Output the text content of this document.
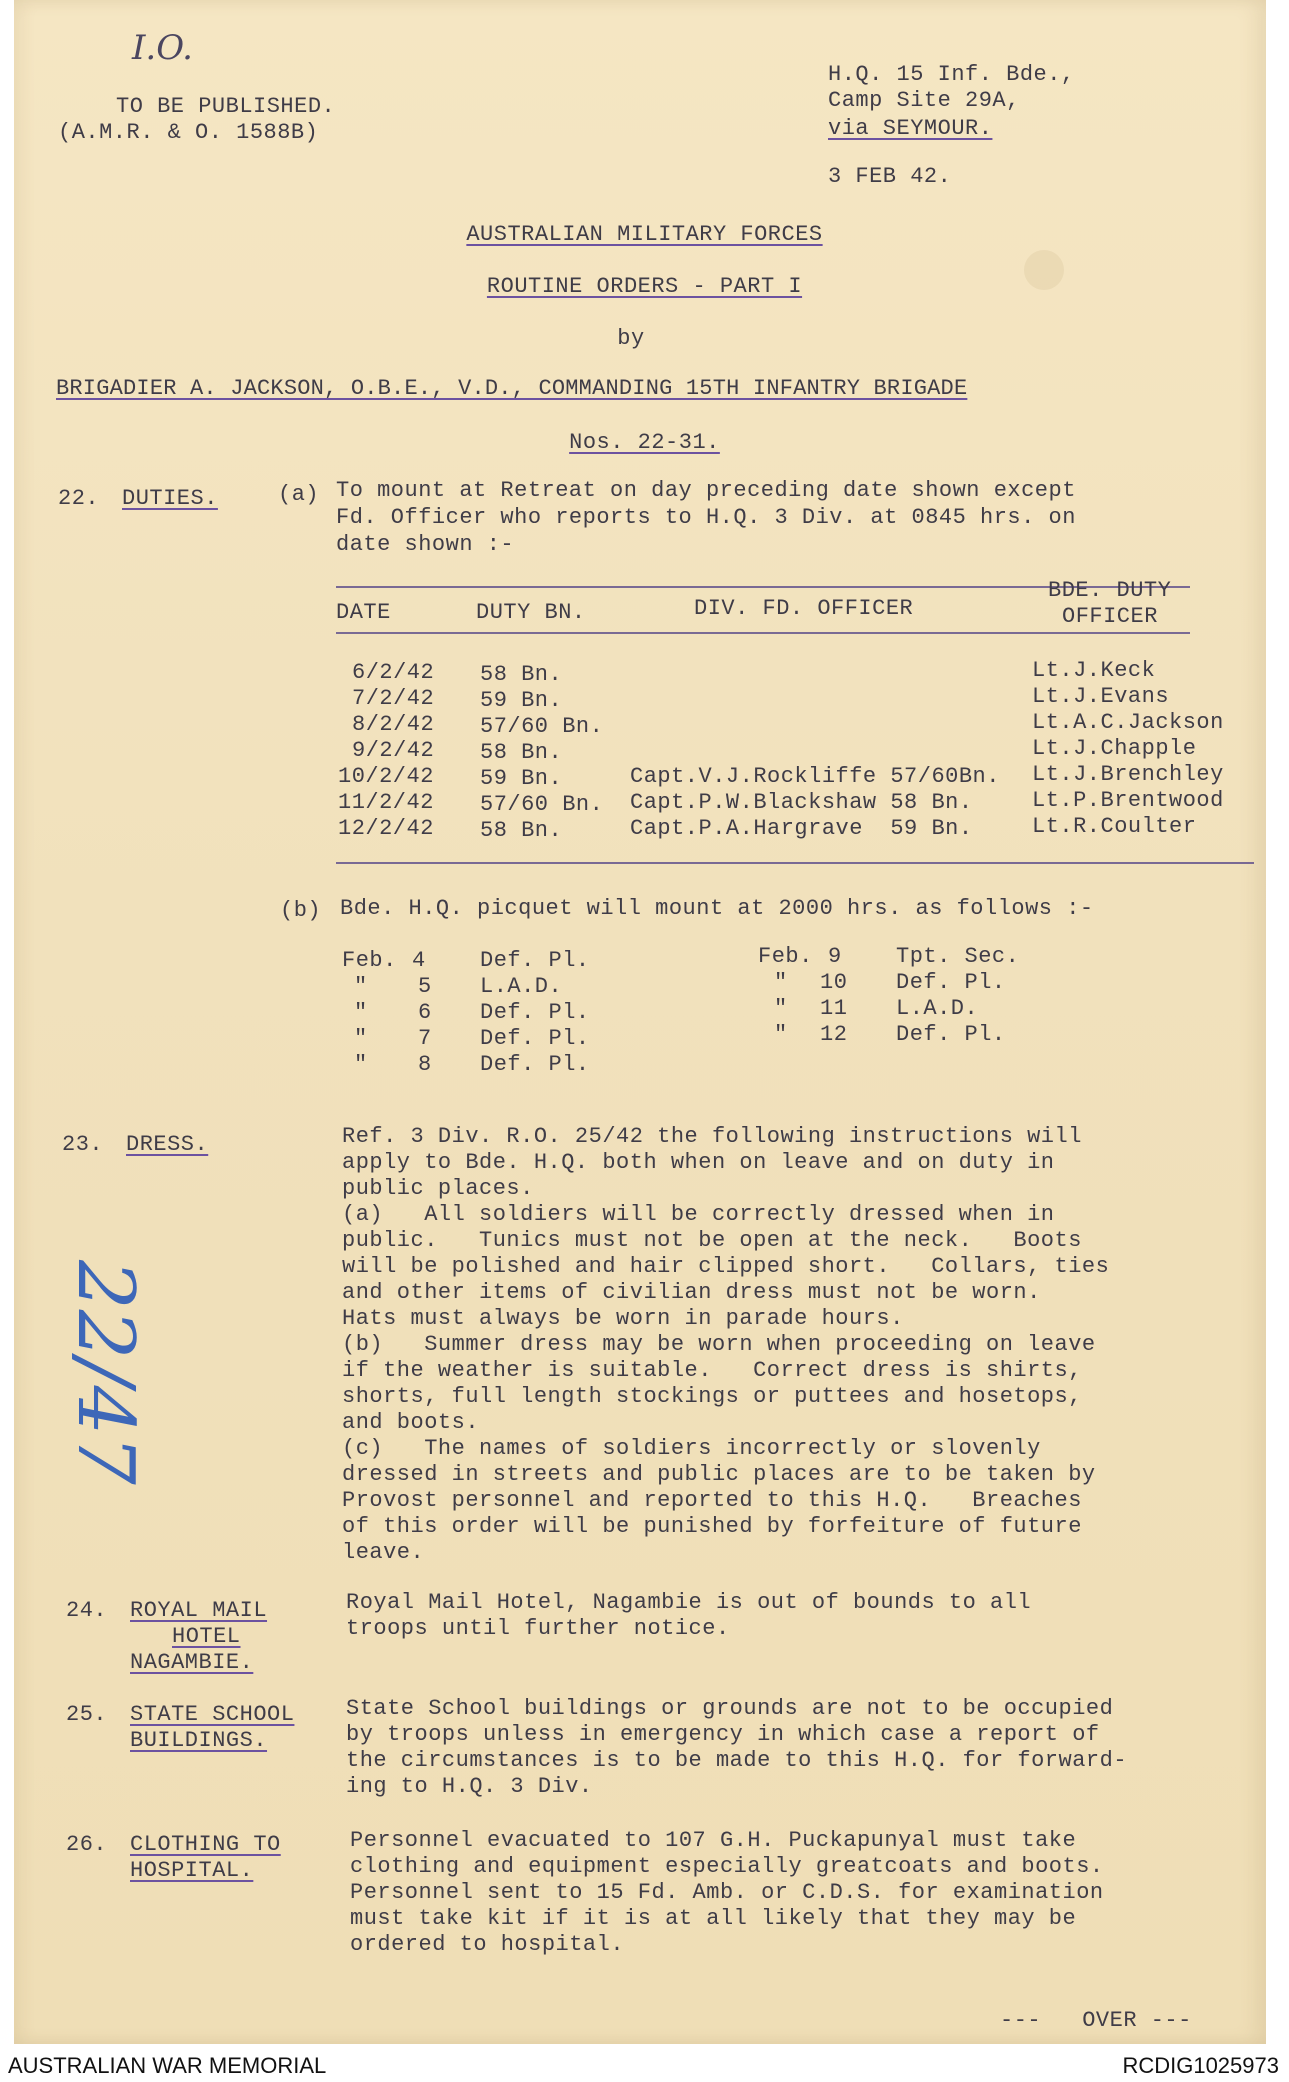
I.O.
TO BE PUBLISHED.
(A.M.R. & O. 1588B)
H.Q. 15 Inf. Bde.,
Camp Site 29A,
via SEYMOUR.
3 FEB 42.
AUSTRALIAN MILITARY FORCES
ROUTINE ORDERS - PART I
by
BRIGADIER A. JACKSON, O.B.E., V.D., COMMANDING 15TH INFANTRY BRIGADE
Nos. 22-31.
22. DUTIES.	(a) To mount at Retreat on day preceding date shown except
Fd. Officer who reports to H.Q. 3 Div. at 0845 hrs. on
date shown :-
DATE	DUTY BN.	DIV. FD. OFFICER
BDE. DUTY
OFFICER
6/2/42 58 Bn.	Lt.J.Keck
7/2/42 59 Bn.	Lt.J.Evans
8/2/42 57/60 Bn.	Lt.A.C.Jackson
9/2/42 58 Bn.	Lt.J.Chapple
10/2/42 59 Bn.	Capt.V.J.Rockliffe 57/60Bn. Lt.J.Brenchley
11/2/42 57/60 Bn. Capt.P.W.Blackshaw 58 Bn.	Lt.P.Brentwood
12/2/42 58 Bn.	Capt.P.A.Hargrave  59 Bn.	Lt.R.Coulter
(b) Bde. H.Q. picquet will mount at 2000 hrs. as follows :-
Feb. 4 Def. Pl.
" 5 L.A.D.
" 6 Def. Pl.
" 7 Def. Pl.
" 8 Def. Pl.
Feb. 9 Tpt. Sec.
" 10 Def. Pl.
" 11 L.A.D.
" 12 Def. Pl.
23. DRESS.	Ref. 3 Div. R.O. 25/42 the following instructions will
apply to Bde. H.Q. both when on leave and on duty in
public places.
(a)   All soldiers will be correctly dressed when in
public.   Tunics must not be open at the neck.   Boots
will be polished and hair clipped short.   Collars, ties
and other items of civilian dress must not be worn.
Hats must always be worn in parade hours.
(b)   Summer dress may be worn when proceeding on leave
if the weather is suitable.   Correct dress is shirts,
shorts, full length stockings or puttees and hosetops,
and boots.
(c)   The names of soldiers incorrectly or slovenly
dressed in streets and public places are to be taken by
Provost personnel and reported to this H.Q.   Breaches
of this order will be punished by forfeiture of future
leave.
22/47
24. ROYAL MAIL
HOTEL
NAGAMBIE.
Royal Mail Hotel, Nagambie is out of bounds to all
troops until further notice.
25. STATE SCHOOL
BUILDINGS.
State School buildings or grounds are not to be occupied
by troops unless in emergency in which case a report of
the circumstances is to be made to this H.Q. for forward-
ing to H.Q. 3 Div.
26. CLOTHING TO
HOSPITAL.
Personnel evacuated to 107 G.H. Puckapunyal must take
clothing and equipment especially greatcoats and boots.
Personnel sent to 15 Fd. Amb. or C.D.S. for examination
must take kit if it is at all likely that they may be
ordered to hospital.
---   OVER ---
AUSTRALIAN WAR MEMORIAL	RCDIG1025973
